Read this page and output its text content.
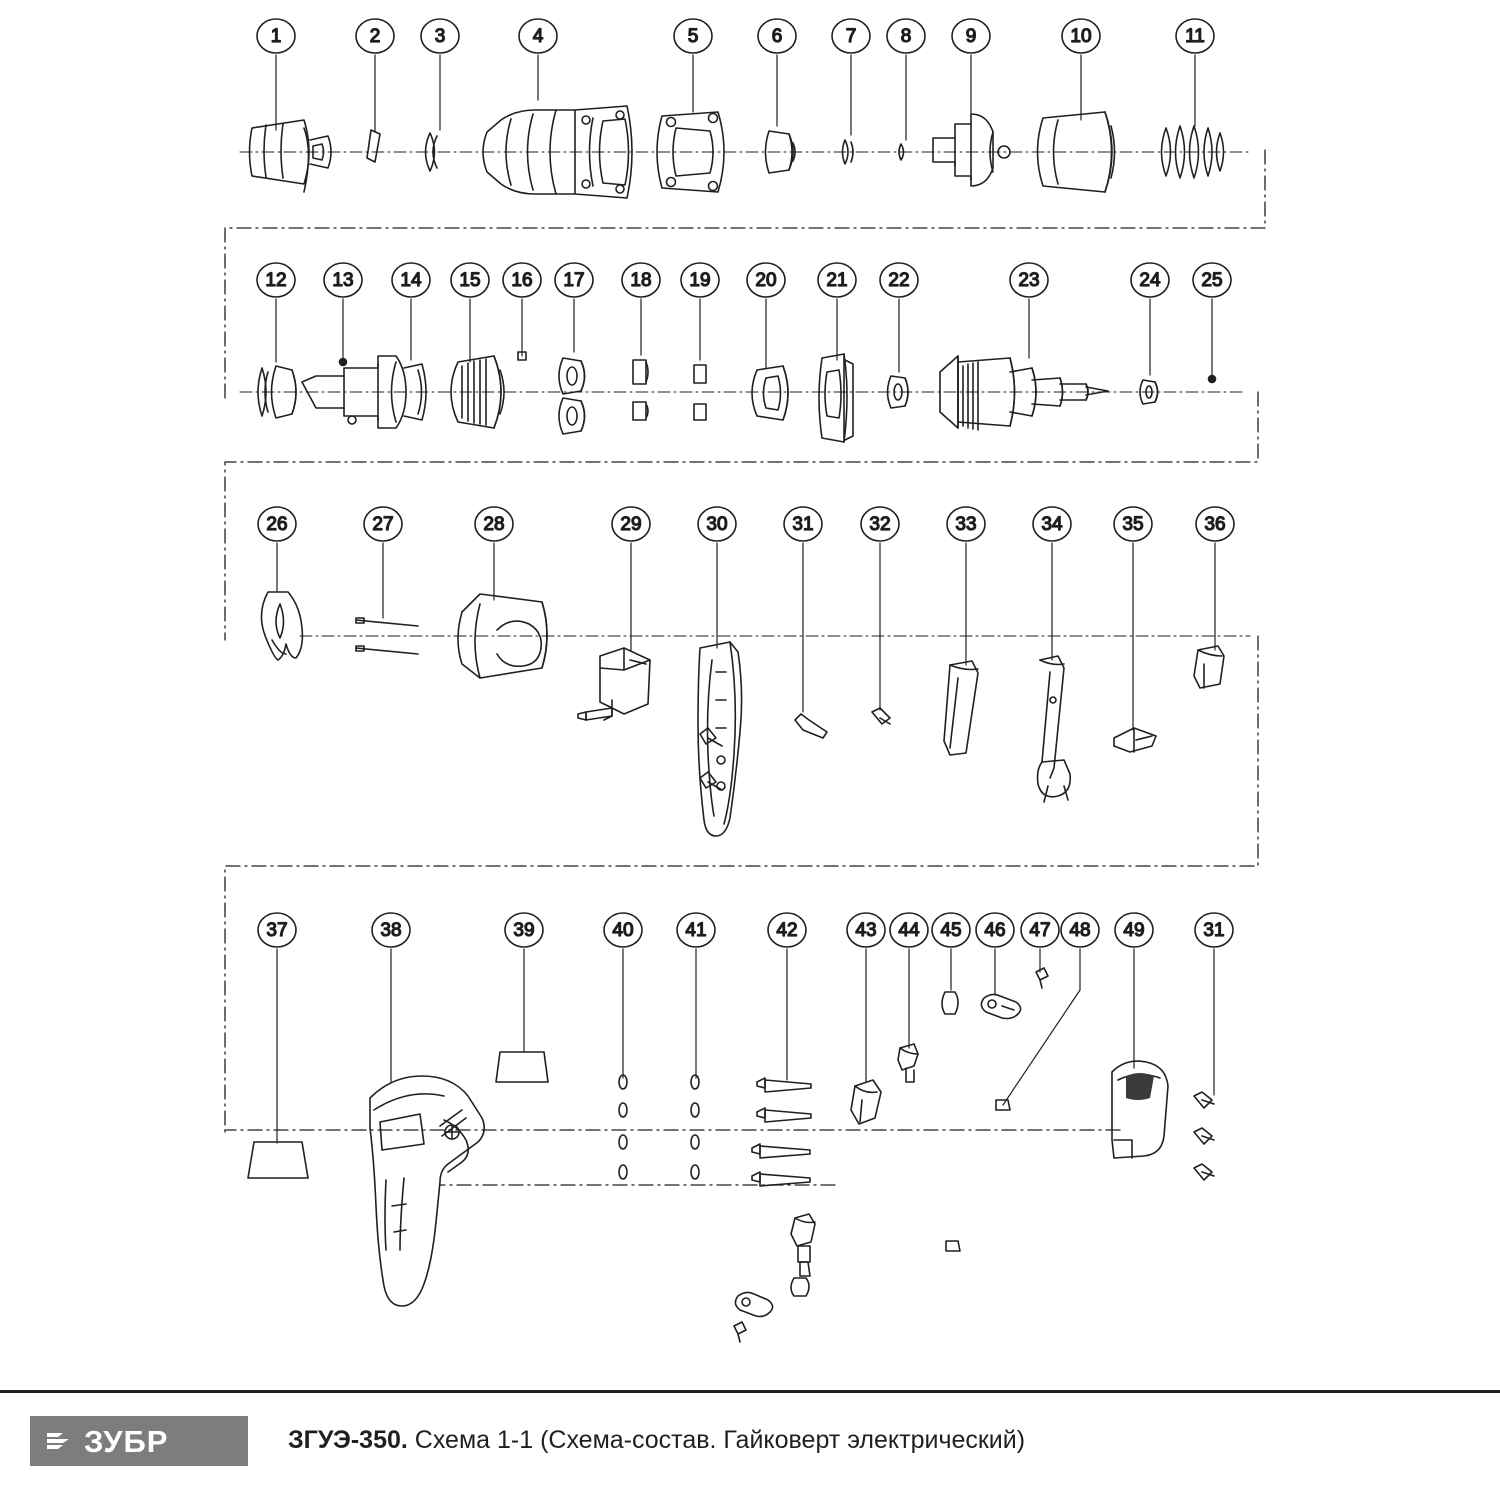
1	2	3	4	5	6	7 8	9	10	11
12 13 14 15 16 17 18 19 20	21 22	23	24 25
26	27	28	29	30	31	32	33	34	35	36
37	38	39	40	41	42	43 44 45 46 47 48 49	31
ЗУБР	ЗГУЭ-350. Схема 1-1 (Схема-состав. Гайковерт электрический)
